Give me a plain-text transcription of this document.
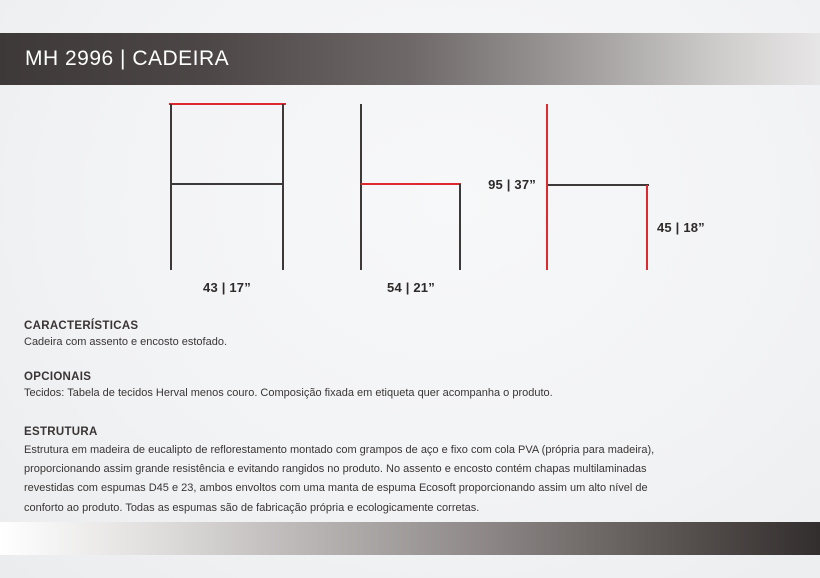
MH 2996 | CADEIRA
43 | 17”	54 | 21”
95 | 37”
45 | 18”
CARACTERÍSTICAS
Cadeira com assento e encosto estofado.
OPCIONAIS
Tecidos: Tabela de tecidos Herval menos couro. Composição fixada em etiqueta quer acompanha o produto.
ESTRUTURA
Estrutura em madeira de eucalipto de reflorestamento montado com grampos de aço e fixo com cola PVA (própria para madeira),
proporcionando assim grande resistência e evitando rangidos no produto. No assento e encosto contém chapas multilaminadas
revestidas com espumas D45 e 23, ambos envoltos com uma manta de espuma Ecosoft proporcionando assim um alto nível de
conforto ao produto. Todas as espumas são de fabricação própria e ecologicamente corretas.
